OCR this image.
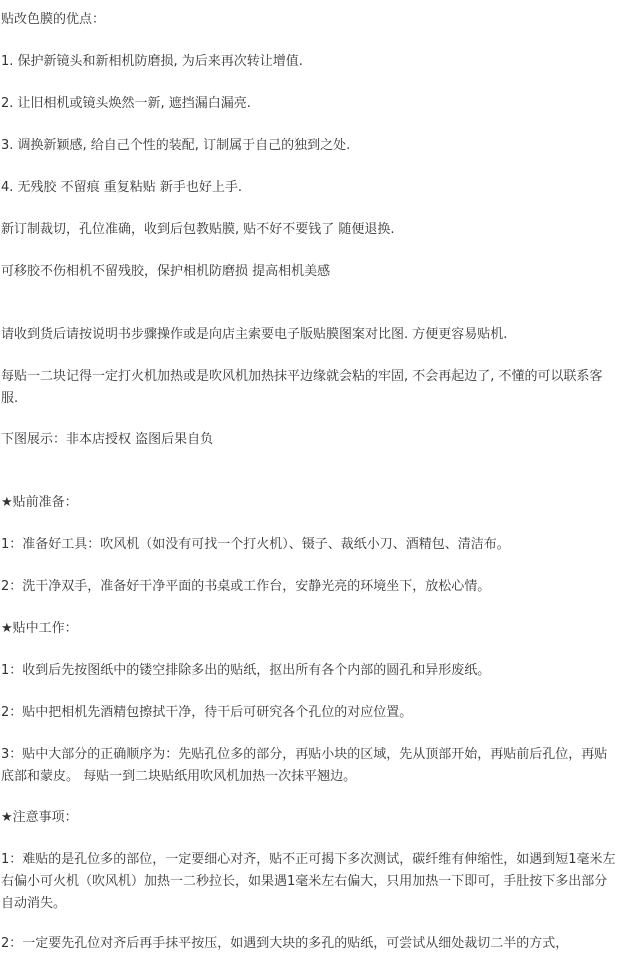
贴改色膜的优点：
1. 保护新镜头和新相机防磨损, 为后来再次转让增值.
2. 让旧相机或镜头焕然一新, 遮挡漏白漏亮.
3. 调换新颖感, 给自己个性的装配, 订制属于自己的独到之处.
4. 无残胶 不留痕 重复粘贴 新手也好上手.
新订制裁切，孔位准确，收到后包教贴膜, 贴不好不要钱了 随便退换.
可移胶不伤相机不留残胶，保护相机防磨损 提高相机美感
请收到货后请按说明书步骤操作或是向店主索要电子版贴膜图案对比图. 方便更容易贴机.
每贴一二块记得一定打火机加热或是吹风机加热抹平边缘就会粘的牢固, 不会再起边了, 不懂的可以联系客服.
下图展示：非本店授权 盗图后果自负
★贴前准备：
1：准备好工具：吹风机（如没有可找一个打火机）、镊子、裁纸小刀、酒精包、清洁布。
2：洗干净双手，准备好干净平面的书桌或工作台，安静光亮的环境坐下，放松心情。
★贴中工作：
1：收到后先按图纸中的镂空排除多出的贴纸，抠出所有各个内部的圆孔和异形废纸。
2：贴中把相机先酒精包擦拭干净，待干后可研究各个孔位的对应位置。
3：贴中大部分的正确顺序为：先贴孔位多的部分，再贴小块的区域，先从顶部开始，再贴前后孔位，再贴底部和蒙皮。 每贴一到二块贴纸用吹风机加热一次抹平翘边。
★注意事项：
1：难贴的是孔位多的部位，一定要细心对齐，贴不正可揭下多次测试，碳纤维有伸缩性，如遇到短1毫米左右偏小可火机（吹风机）加热一二秒拉长，如果遇1毫米左右偏大，只用加热一下即可，手肚按下多出部分自动消失。
2：一定要先孔位对齐后再手抹平按压，如遇到大块的多孔的贴纸，可尝试从细处裁切二半的方式，
